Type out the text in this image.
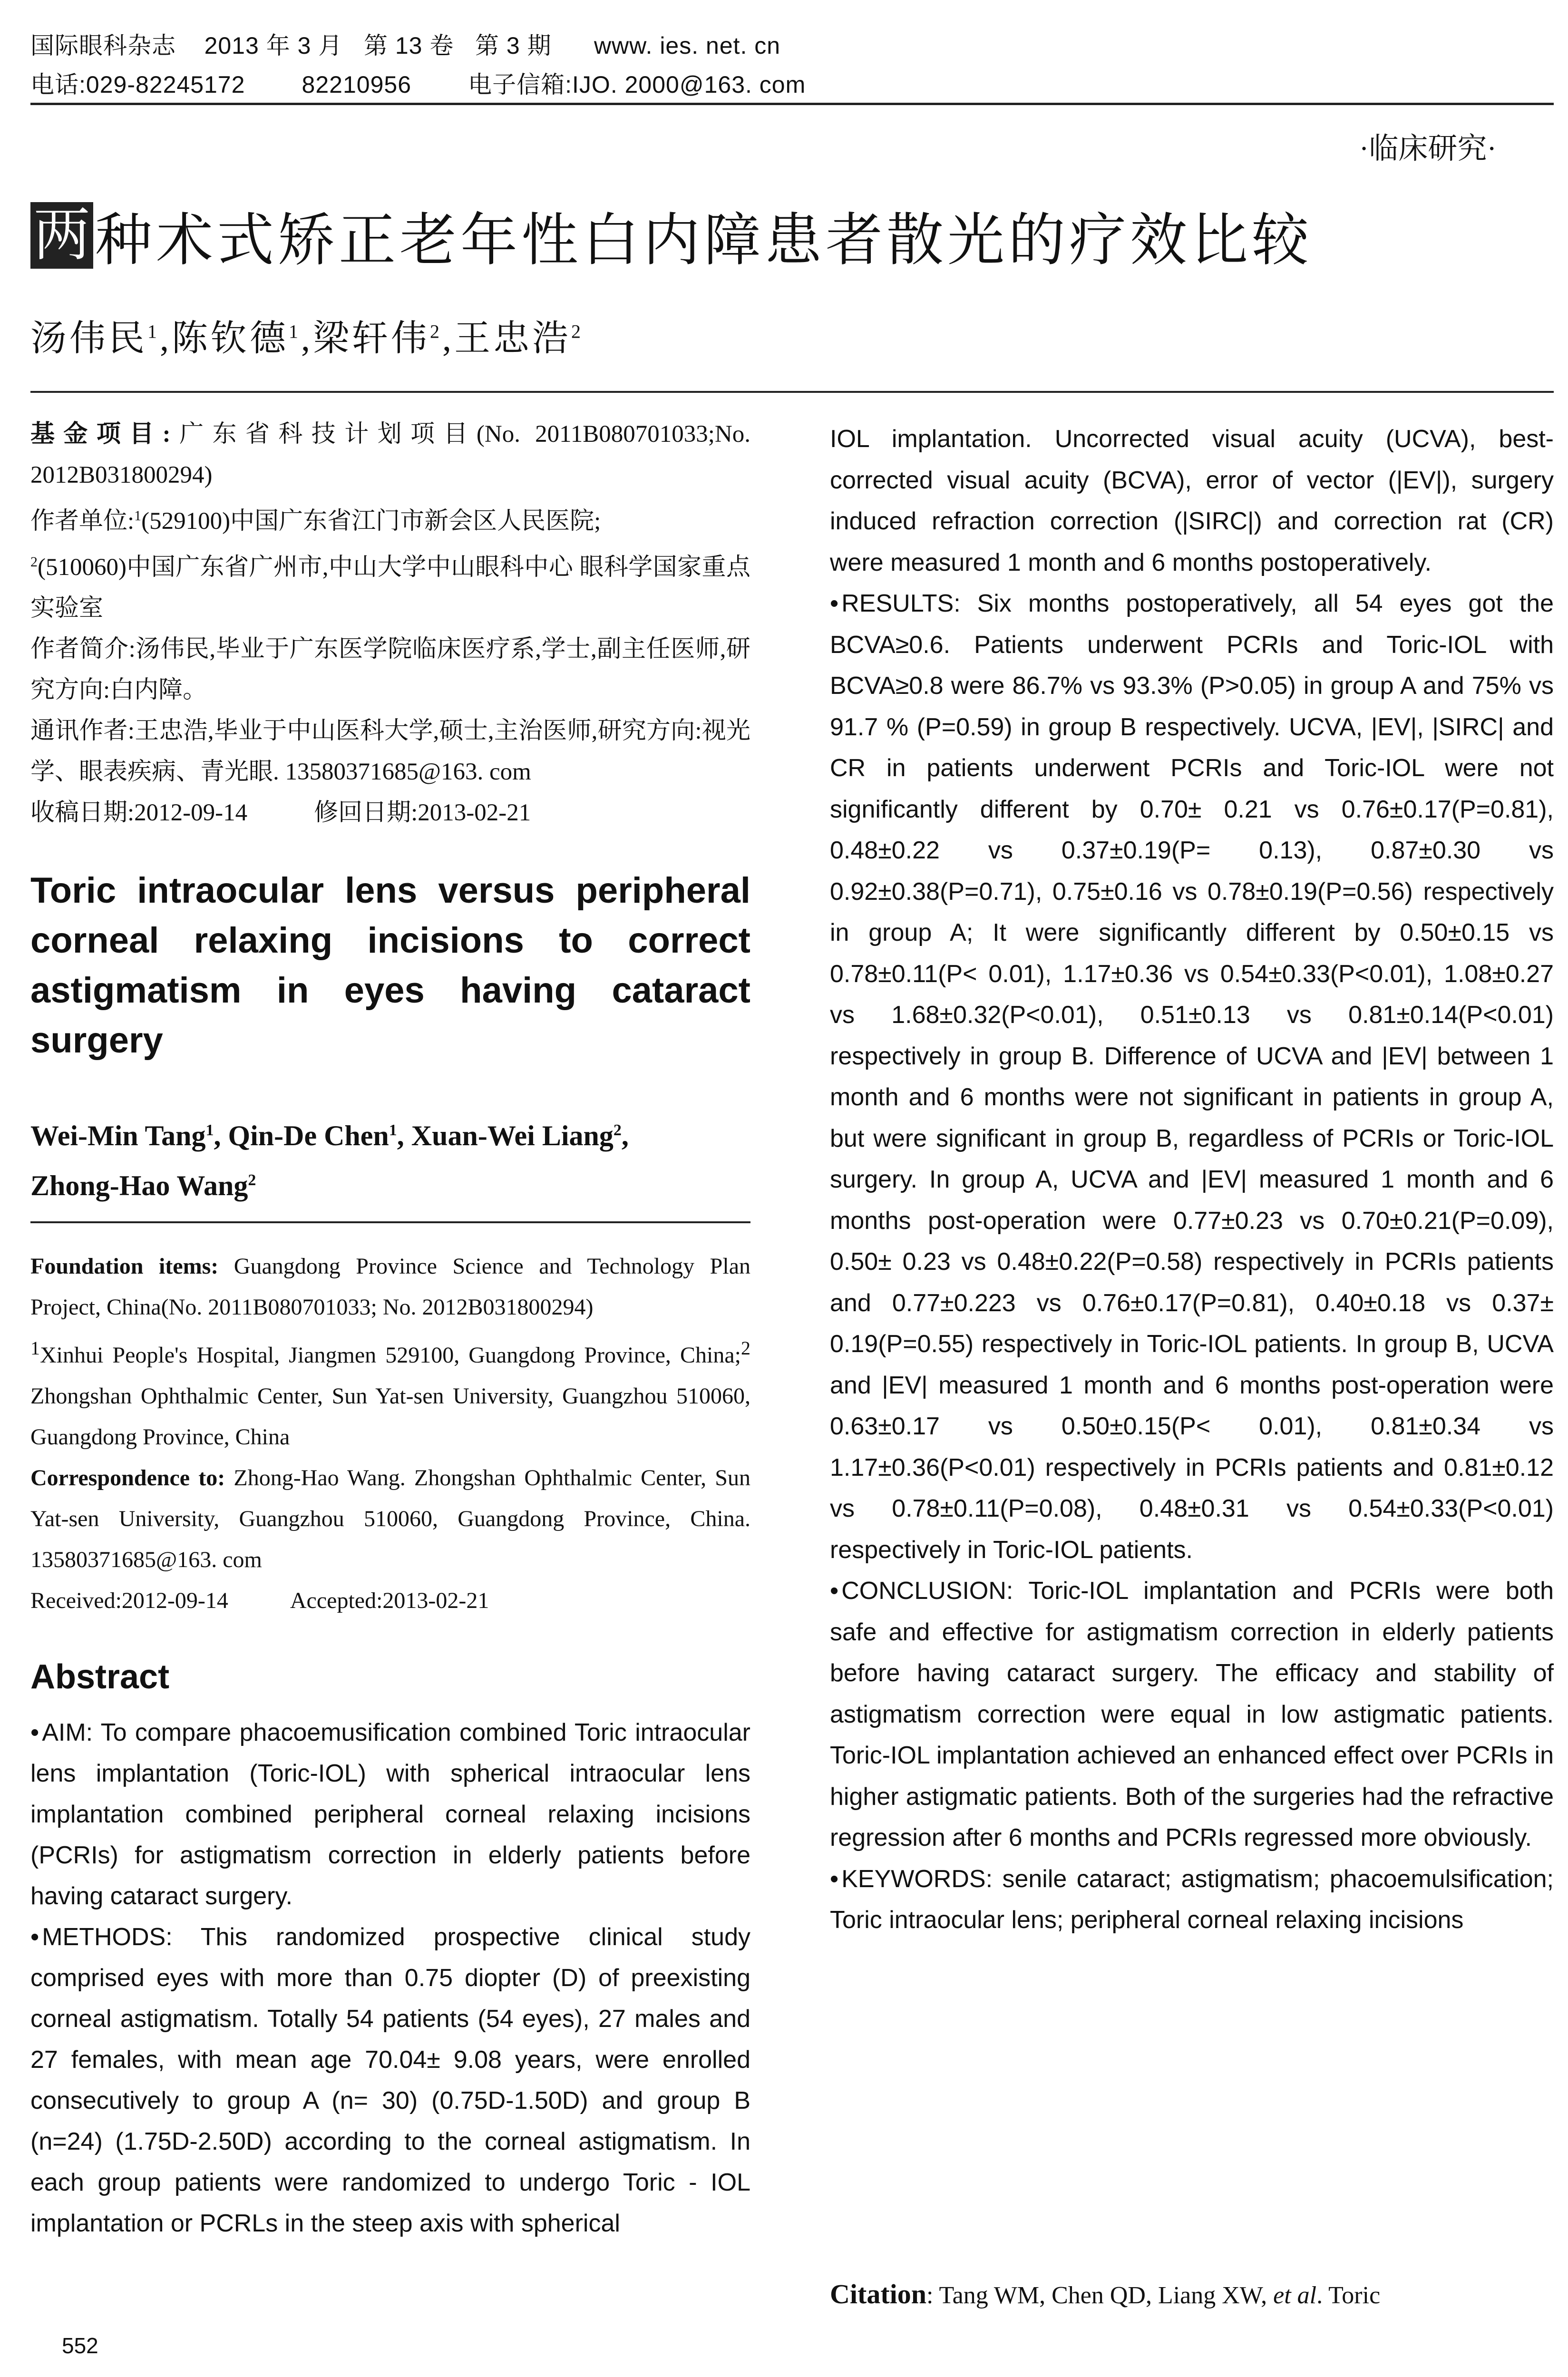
国际眼科杂志    2013 年 3 月   第 13 卷   第 3 期      www. ies. net. cn
电话:029-82245172        82210956        电子信箱:IJO. 2000@163. com
·临床研究·
两 种术式矫正老年性白内障患者散光的疗效比较
汤伟民$^1$,陈钦德$^1$,梁轩伟$^2$,王忠浩$^2$
基金项目:广东省科技计划项目(No. 2011B080701033;No. 2012B031800294)
作者单位:$^1$(529100)中国广东省江门市新会区人民医院;
$^2$(510060)中国广东省广州市,中山大学中山眼科中心 眼科学国家重点实验室
作者简介:汤伟民,毕业于广东医学院临床医疗系,学士,副主任医师,研究方向:白内障。
通讯作者:王忠浩,毕业于中山医科大学,硕士,主治医师,研究方向:视光学、眼表疾病、青光眼. 13580371685@163. com
收稿日期:2012-09-14	修回日期:2013-02-21
Toric intraocular lens versus peripheral corneal relaxing incisions to correct astigmatism in eyes having cataract surgery
Wei-Min Tang$^1$, Qin-De Chen$^1$, Xuan-Wei Liang$^2$,
Zhong-Hao Wang$^2$
Foundation items: Guangdong Province Science and Technology Plan Project, China(No. 2011B080701033; No. 2012B031800294)
$^1$Xinhui People's Hospital, Jiangmen 529100, Guangdong Province, China;$^2$ Zhongshan Ophthalmic Center, Sun Yat-sen University, Guangzhou 510060, Guangdong Province, China
Correspondence to: Zhong-Hao Wang. Zhongshan Ophthalmic Center, Sun Yat-sen University, Guangzhou 510060, Guangdong Province, China. 13580371685@163. com
Received:2012-09-14	Accepted:2013-02-21
Abstract
• AIM: To compare phacoemusification combined Toric intraocular lens implantation (Toric-IOL) with spherical intraocular lens implantation combined peripheral corneal relaxing incisions (PCRIs) for astigmatism correction in elderly patients before having cataract surgery.
• METHODS: This randomized prospective clinical study comprised eyes with more than 0.75 diopter (D) of preexisting corneal astigmatism. Totally 54 patients (54 eyes), 27 males and 27 females, with mean age 70.04± 9.08 years, were enrolled consecutively to group A (n= 30) (0.75D-1.50D) and group B (n=24) (1.75D-2.50D) according to the corneal astigmatism. In each group patients were randomized to undergo Toric - IOL implantation or PCRLs in the steep axis with spherical
552

IOL implantation. Uncorrected visual acuity (UCVA), best-corrected visual acuity (BCVA), error of vector (|EV|), surgery induced refraction correction (|SIRC|) and correction rat (CR) were measured 1 month and 6 months postoperatively.

• RESULTS: Six months postoperatively, all 54 eyes got the BCVA≥0.6. Patients underwent PCRIs and Toric-IOL with BCVA≥0.8 were 86.7% vs 93.3% (P>0.05) in group A and 75% vs 91.7 % (P=0.59) in group B respectively. UCVA, |EV|, |SIRC| and CR in patients underwent PCRIs and Toric-IOL were not significantly different by 0.70± 0.21 vs 0.76±0.17(P=0.81), 0.48±0.22 vs 0.37±0.19(P= 0.13), 0.87±0.30 vs 0.92±0.38(P=0.71), 0.75±0.16 vs 0.78±0.19(P=0.56) respectively in group A; It were significantly different by 0.50±0.15 vs 0.78±0.11(P< 0.01), 1.17±0.36 vs 0.54±0.33(P<0.01), 1.08±0.27 vs 1.68±0.32(P<0.01), 0.51±0.13 vs 0.81±0.14(P<0.01) respectively in group B. Difference of UCVA and |EV| between 1 month and 6 months were not significant in patients in group A, but were significant in group B, regardless of PCRIs or Toric-IOL surgery. In group A, UCVA and |EV| measured 1 month and 6 months post-operation were 0.77±0.23 vs 0.70±0.21(P=0.09), 0.50± 0.23 vs 0.48±0.22(P=0.58) respectively in PCRIs patients and 0.77±0.223 vs 0.76±0.17(P=0.81), 0.40±0.18 vs 0.37± 0.19(P=0.55) respectively in Toric-IOL patients. In group B, UCVA and |EV| measured 1 month and 6 months post-operation were 0.63±0.17 vs 0.50±0.15(P< 0.01), 0.81±0.34 vs 1.17±0.36(P<0.01) respectively in PCRIs patients and 0.81±0.12 vs 0.78±0.11(P=0.08), 0.48±0.31 vs 0.54±0.33(P<0.01) respectively in Toric-IOL patients.

• CONCLUSION: Toric-IOL implantation and PCRIs were both safe and effective for astigmatism correction in elderly patients before having cataract surgery. The efficacy and stability of astigmatism correction were equal in low astigmatic patients. Toric-IOL implantation achieved an enhanced effect over PCRIs in higher astigmatic patients. Both of the surgeries had the refractive regression after 6 months and PCRIs regressed more obviously.

• KEYWORDS: senile cataract; astigmatism; phacoemulsification; Toric intraocular lens; peripheral corneal relaxing incisions

Citation: Tang WM, Chen QD, Liang XW, et al. Toric
